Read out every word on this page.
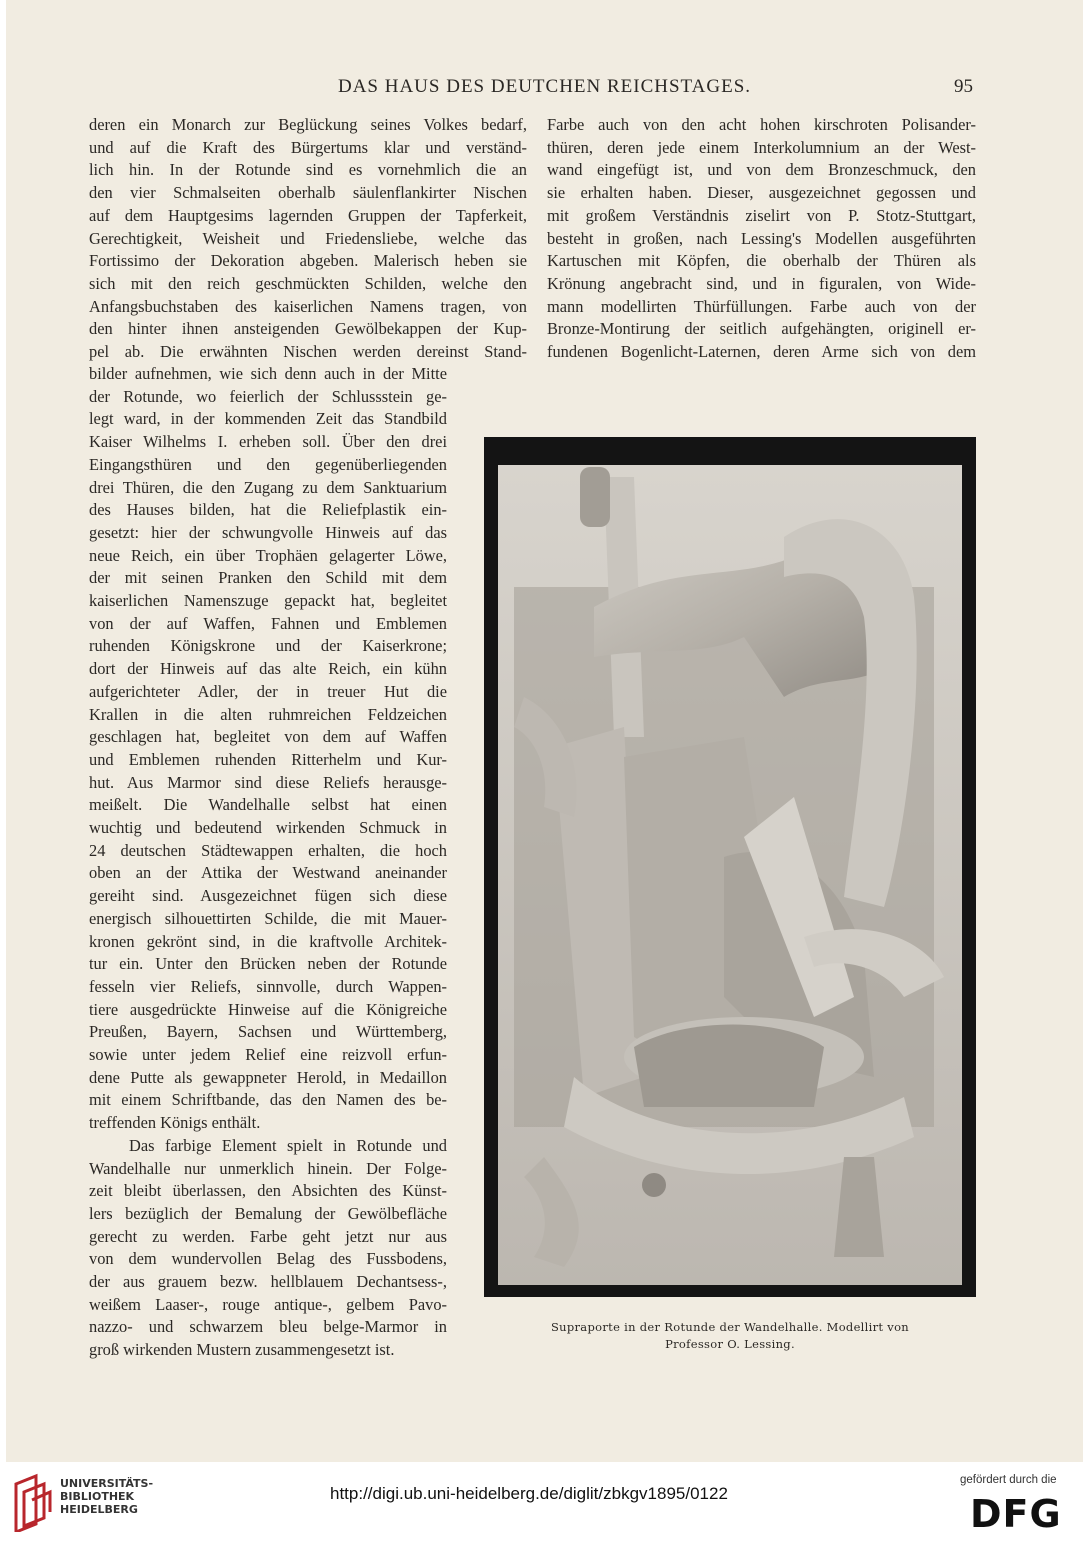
DAS HAUS DES DEUTCHEN REICHSTAGES.	95
Farbe auch von den acht hohen kirschroten Polisander-
thüren, deren jede einem Interkolumnium an der West-
wand eingefügt ist, und von dem Bronzeschmuck, den
sie erhalten haben. Dieser, ausgezeichnet gegossen und
mit großem Verständnis ziselirt von P. Stotz-Stuttgart,
besteht in großen, nach Lessing's Modellen ausgeführten
Kartuschen mit Köpfen, die oberhalb der Thüren als
Krönung angebracht sind, und in figuralen, von Wide-
mann modellirten Thürfüllungen. Farbe auch von der
Bronze-Montirung der seitlich aufgehängten, originell er-
fundenen Bogenlicht-Laternen, deren Arme sich von dem
deren ein Monarch zur Beglückung seines Volkes bedarf,
und auf die Kraft des Bürgertums klar und verständ-
lich hin. In der Rotunde sind es vornehmlich die an
den vier Schmalseiten oberhalb säulenflankirter Nischen
auf dem Hauptgesims lagernden Gruppen der Tapferkeit,
Gerechtigkeit, Weisheit und Friedensliebe, welche das
Fortissimo der Dekoration abgeben. Malerisch heben sie
sich mit den reich geschmückten Schilden, welche den
Anfangsbuchstaben des kaiserlichen Namens tragen, von
den hinter ihnen ansteigenden Gewölbekappen der Kup-
pel ab. Die erwähnten Nischen werden dereinst Stand-
bilder aufnehmen, wie sich denn auch in der Mitte
der Rotunde, wo feierlich der Schlussstein ge-
legt ward, in der kommenden Zeit das Standbild
Kaiser Wilhelms I. erheben soll. Über den drei
Eingangsthüren und den gegenüberliegenden
drei Thüren, die den Zugang zu dem Sanktuarium
des Hauses bilden, hat die Reliefplastik ein-
gesetzt: hier der schwungvolle Hinweis auf das
neue Reich, ein über Trophäen gelagerter Löwe,
der mit seinen Pranken den Schild mit dem
kaiserlichen Namenszuge gepackt hat, begleitet
von der auf Waffen, Fahnen und Emblemen
ruhenden Königskrone und der Kaiserkrone;
dort der Hinweis auf das alte Reich, ein kühn
aufgerichteter Adler, der in treuer Hut die
Krallen in die alten ruhmreichen Feldzeichen
geschlagen hat, begleitet von dem auf Waffen
und Emblemen ruhenden Ritterhelm und Kur-
hut. Aus Marmor sind diese Reliefs herausge-
meißelt. Die Wandelhalle selbst hat einen
wuchtig und bedeutend wirkenden Schmuck in
24 deutschen Städtewappen erhalten, die hoch
oben an der Attika der Westwand aneinander
gereiht sind. Ausgezeichnet fügen sich diese
energisch silhouettirten Schilde, die mit Mauer-
kronen gekrönt sind, in die kraftvolle Architek-
tur ein. Unter den Brücken neben der Rotunde
fesseln vier Reliefs, sinnvolle, durch Wappen-
tiere ausgedrückte Hinweise auf die Königreiche
Preußen, Bayern, Sachsen und Württemberg,
sowie unter jedem Relief eine reizvoll erfun-
dene Putte als gewappneter Herold, in Medaillon
mit einem Schriftbande, das den Namen des be-
treffenden Königs enthält.
Das farbige Element spielt in Rotunde und
Wandelhalle nur unmerklich hinein. Der Folge-
zeit bleibt überlassen, den Absichten des Künst-
lers bezüglich der Bemalung der Gewölbefläche
gerecht zu werden. Farbe geht jetzt nur aus
von dem wundervollen Belag des Fussbodens,
der aus grauem bezw. hellblauem Dechantsess-,
weißem Laaser-, rouge antique-, gelbem Pavo-
nazzo- und schwarzem bleu belge-Marmor in
groß wirkenden Mustern zusammengesetzt ist.
Supraporte in der Rotunde der Wandelhalle. Modellirt von
Professor O. Lessing.
UNIVERSITÄTS-
BIBLIOTHEK
HEIDELBERG
http://digi.ub.uni-heidelberg.de/diglit/zbkgv1895/0122
gefördert durch die
DFG
